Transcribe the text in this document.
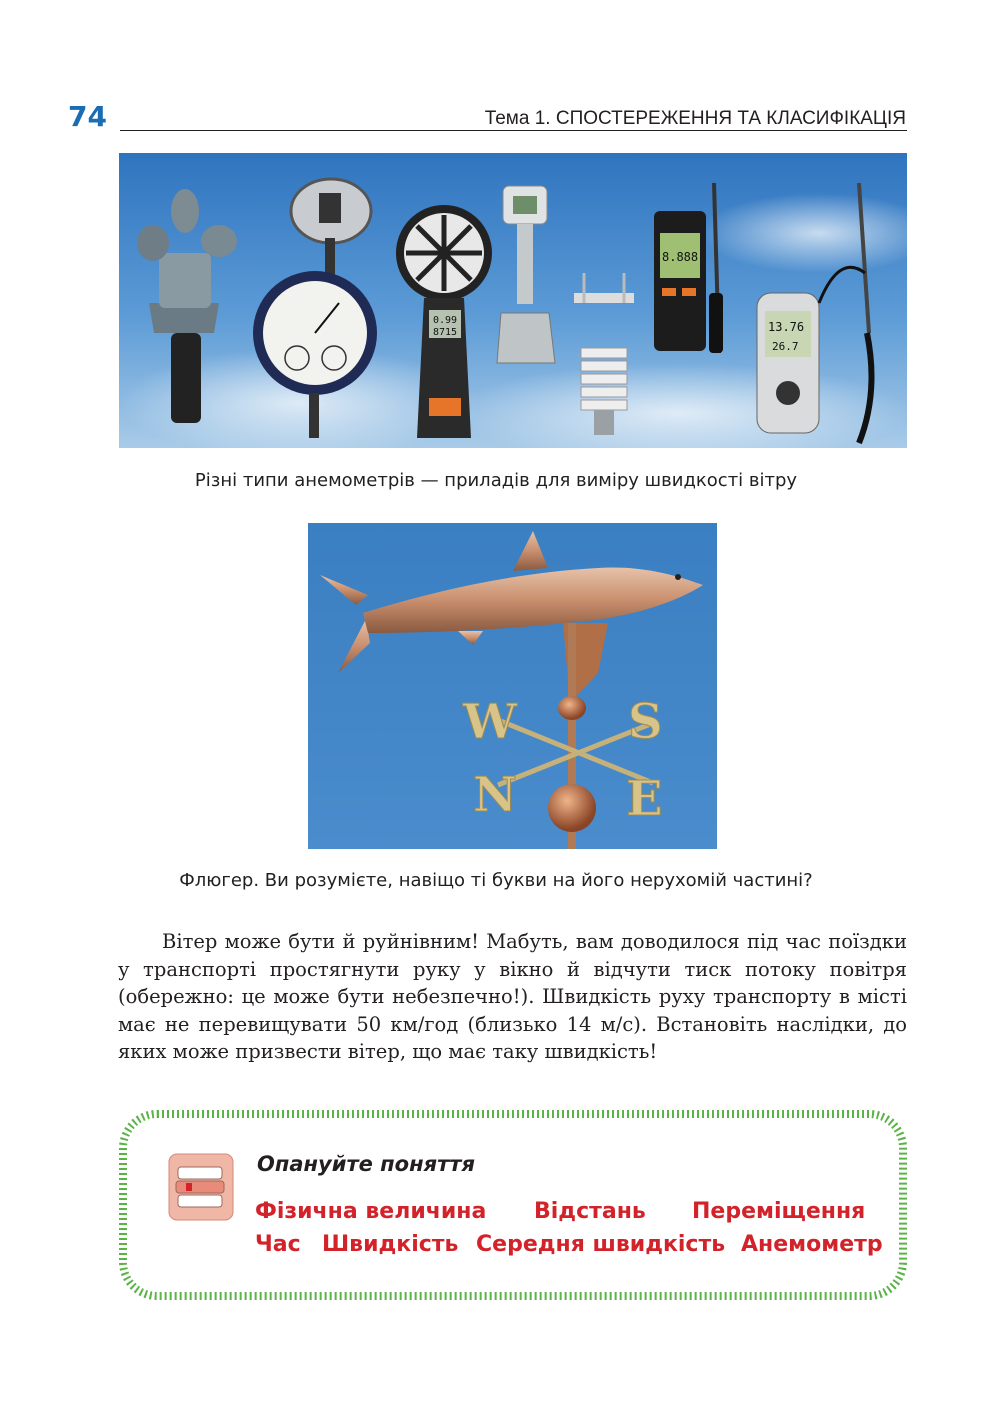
74	Тема 1. СПОСТЕРЕЖЕННЯ ТА КЛАСИФІКАЦІЯ
0.99
8715
8.888
13.76
26.7
Різні типи анемометрів — приладів для виміру швидкості вітру
W S
N E
Флюгер. Ви розумієте, навіщо ті букви на його нерухомій частині?

Вітер може бути й руйнівним! Мабуть, вам доводилося під час поїздки у транспорті простягнути руку у вікно й відчути тиск потоку повітря (обережно: це може бути небезпечно!). Швидкість руху транспорту в місті має не перевищувати 50 км/год (близько 14 м/с). Встановіть наслідки, до яких може призвести вітер, що має таку швидкість!

Опануйте поняття
Фізична величина Відстань Переміщення
Час Швидкість Середня швидкість Анемометр
